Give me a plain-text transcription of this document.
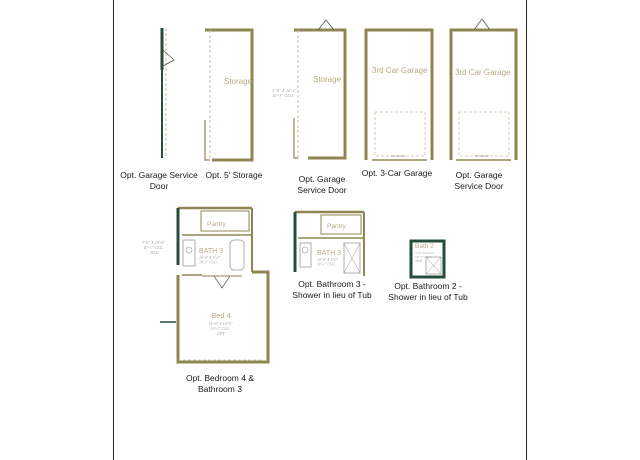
Storage
5'-0" X 10'-2" 10'-1" CLG.
Storage
3rd Car Garage
HEADER
3rd Car Garage
HEADER
Pantry
BATH 3
10'-0" X 5'-0" 10'-1" CLG.
7'-0" X 10'-0" 10'-1" CLG. TILE
Bed 4
13'-0" X 14'-0" 10'-1" CLG. CPT
Pantry
BATH 3
10'-0" X 5'-0" 10'-1" CLG.
Bath 2
5'-0" X 10'-0" 10'-1" CLG. TILE
Opt. Garage Service Door
Opt. 5' Storage	Opt. Garage
Service Door
Opt. 3-Car Garage	Opt. Garage
Service Door
Opt. Bedroom 4 &
Bathroom 3
Opt. Bathroom 3 -
Shower in lieu of Tub
Opt. Bathroom 2 -
Shower in lieu of Tub
